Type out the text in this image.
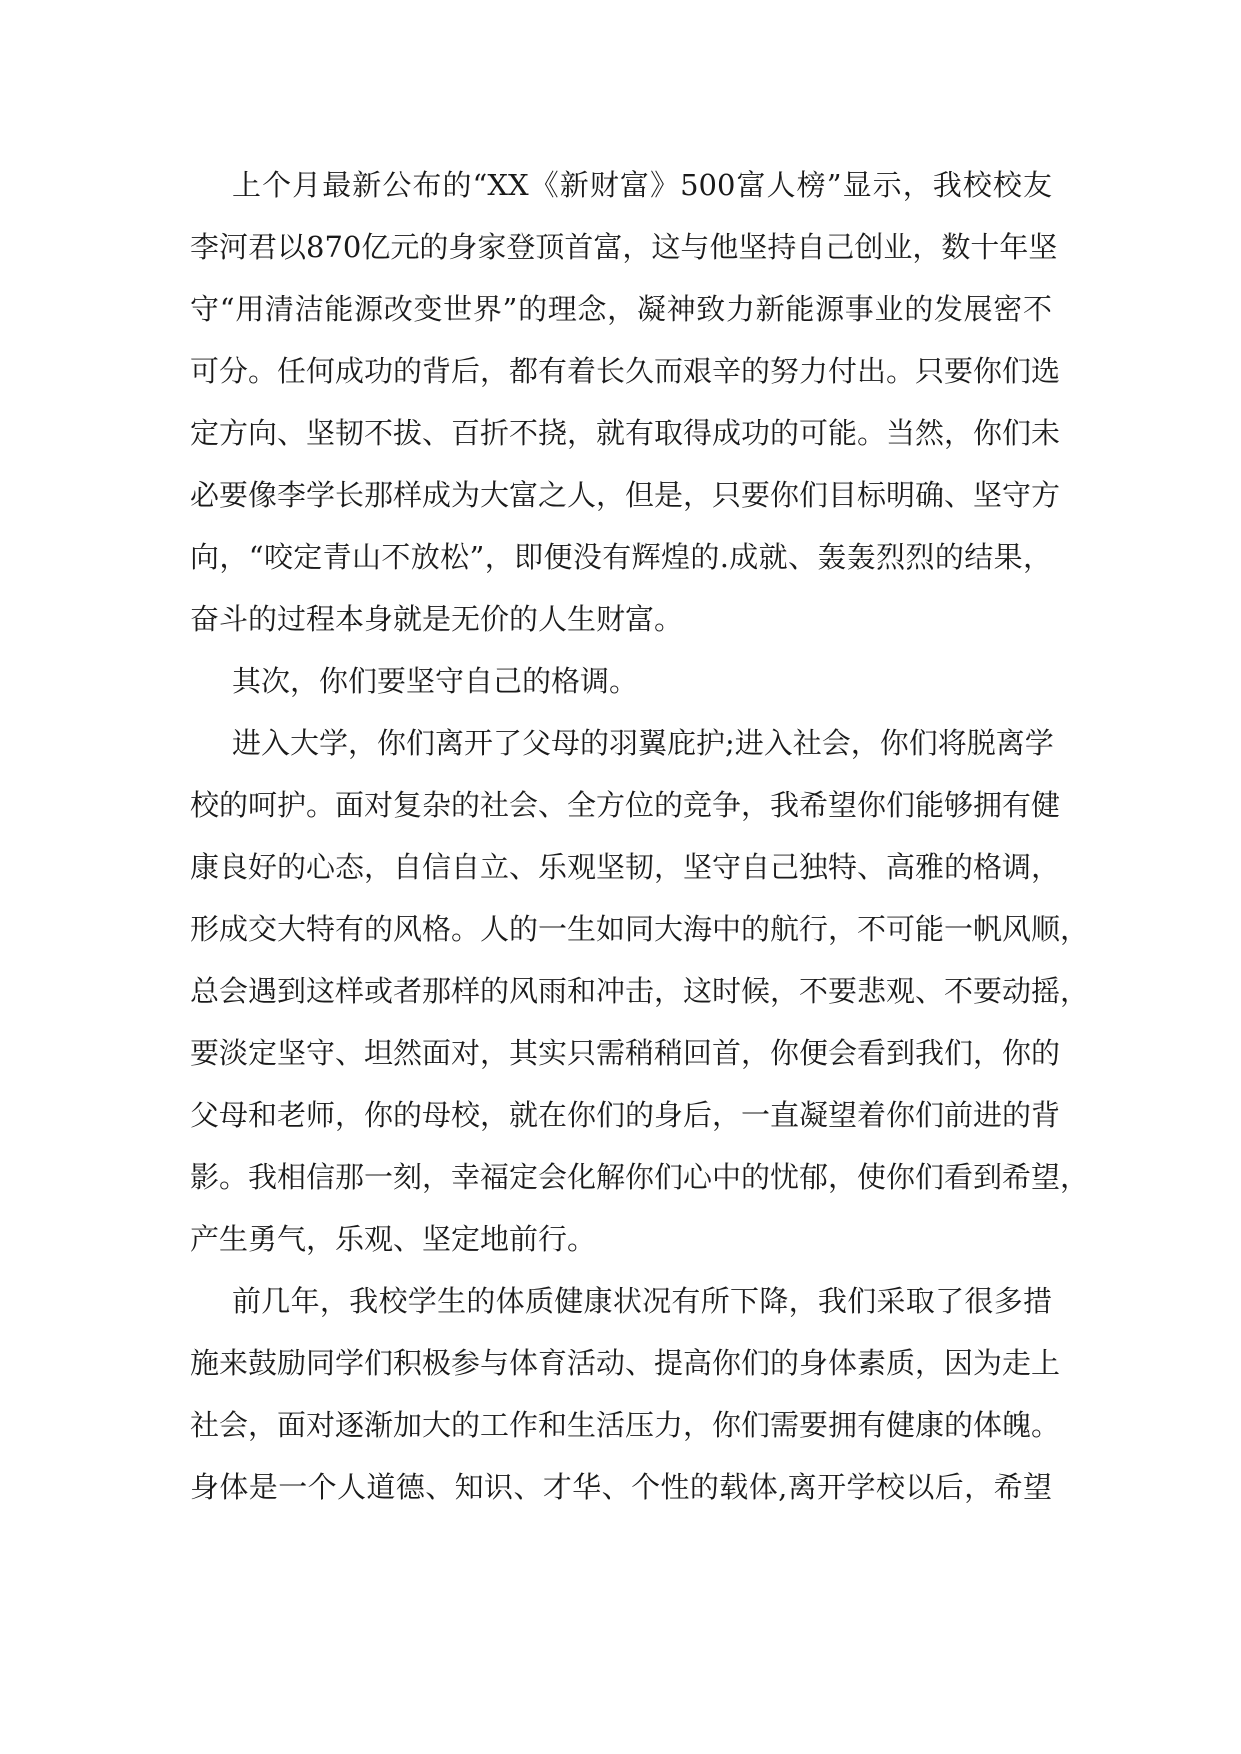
上个月最新公布的“XX《新财富》500富人榜”显示，我校校友
李河君以870亿元的身家登顶首富，这与他坚持自己创业，数十年坚
守“用清洁能源改变世界”的理念，凝神致力新能源事业的发展密不
可分。任何成功的背后，都有着长久而艰辛的努力付出。只要你们选
定方向、坚韧不拔、百折不挠，就有取得成功的可能。当然，你们未
必要像李学长那样成为大富之人，但是，只要你们目标明确、坚守方
向，“咬定青山不放松”，即便没有辉煌的.成就、轰轰烈烈的结果，
奋斗的过程本身就是无价的人生财富。
其次，你们要坚守自己的格调。
进入大学，你们离开了父母的羽翼庇护;进入社会，你们将脱离学
校的呵护。面对复杂的社会、全方位的竞争，我希望你们能够拥有健
康良好的心态，自信自立、乐观坚韧，坚守自己独特、高雅的格调，
形成交大特有的风格。人的一生如同大海中的航行，不可能一帆风顺，
总会遇到这样或者那样的风雨和冲击，这时候，不要悲观、不要动摇，
要淡定坚守、坦然面对，其实只需稍稍回首，你便会看到我们，你的
父母和老师，你的母校，就在你们的身后，一直凝望着你们前进的背
影。我相信那一刻，幸福定会化解你们心中的忧郁，使你们看到希望，
产生勇气，乐观、坚定地前行。
前几年，我校学生的体质健康状况有所下降，我们采取了很多措
施来鼓励同学们积极参与体育活动、提高你们的身体素质，因为走上
社会，面对逐渐加大的工作和生活压力，你们需要拥有健康的体魄。
身体是一个人道德、知识、才华、个性的载体,离开学校以后，希望
